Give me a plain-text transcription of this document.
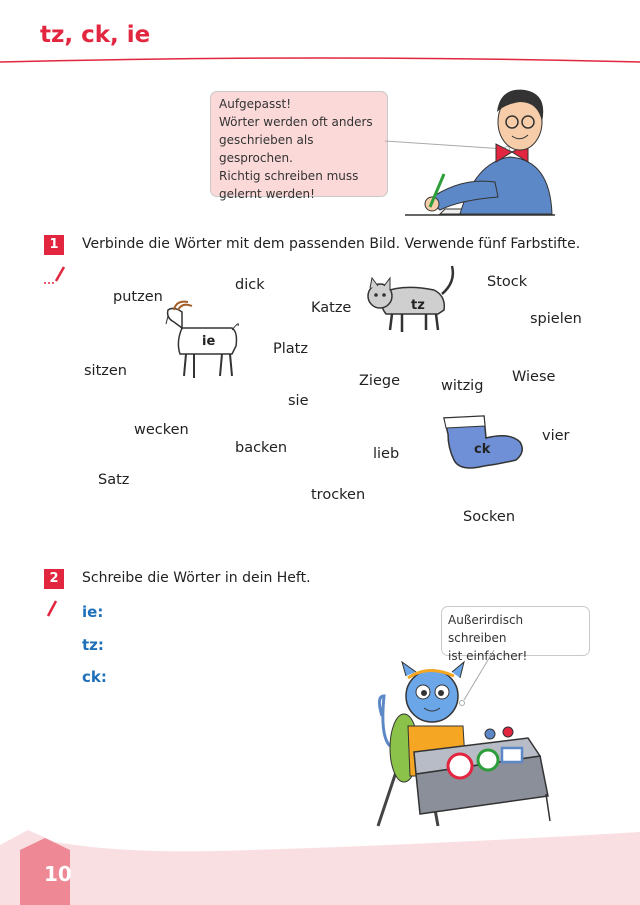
tz, ck, ie
Aufgepasst!
Wörter werden oft anders
geschrieben als gesprochen.
Richtig schreiben muss
gelernt werden!
1	Verbinde die Wörter mit dem passenden Bild. Verwende fünf Farbstifte.
putzen
dick
Katze
Stock
spielen
Platz
sitzen
Ziege	witzig
Wiese
sie
wecken
backen	lieb
vier
Satz
trocken
Socken
ie
tz
ck
2	Schreibe die Wörter in dein Heft.
ie:
tz:
ck:
Außerirdisch schreiben
ist einfacher!
10
